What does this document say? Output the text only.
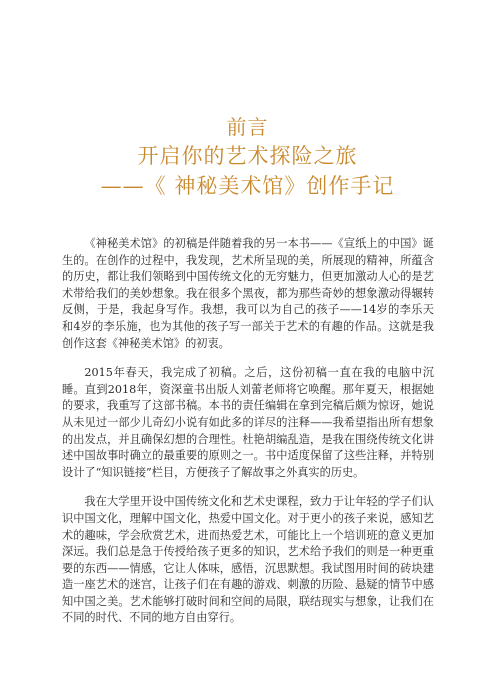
前言
开启你的艺术探险之旅
——《 神秘美术馆》创作手记

《神秘美术馆》的初稿是伴随着我的另一本书——《宣纸上的中国》诞生的。在创作的过程中，我发现，艺术所呈现的美，所展现的精神，所蕴含的历史，都让我们领略到中国传统文化的无穷魅力，但更加激动人心的是艺术带给我们的美妙想象。我在很多个黑夜，都为那些奇妙的想象激动得辗转反侧，于是，我起身写作。我想，我可以为自己的孩子——14岁的李乐天和4岁的李乐施，也为其他的孩子写一部关于艺术的有趣的作品。这就是我创作这套《神秘美术馆》的初衷。

2015年春天，我完成了初稿。之后，这份初稿一直在我的电脑中沉睡。直到2018年，资深童书出版人刘蕾老师将它唤醒。那年夏天，根据她的要求，我重写了这部书稿。本书的责任编辑在拿到完稿后颇为惊讶，她说从未见过一部少儿奇幻小说有如此多的详尽的注释——我希望指出所有想象的出发点，并且确保幻想的合理性。杜艳胡编乱造，是我在围绕传统文化讲述中国故事时确立的最重要的原则之一。书中适度保留了这些注释，并特别设计了“知识链接”栏目，方便孩子了解故事之外真实的历史。

我在大学里开设中国传统文化和艺术史课程，致力于让年轻的学子们认识中国文化，理解中国文化，热爱中国文化。对于更小的孩子来说，感知艺术的趣味，学会欣赏艺术，进而热爱艺术，可能比上一个培训班的意义更加深远。我们总是急于传授给孩子更多的知识，艺术给予我们的则是一种更重要的东西——情感，它让人体味，感悟，沉思默想。我试图用时间的砖块建造一座艺术的迷宫，让孩子们在有趣的游戏、刺激的历险、悬疑的情节中感知中国之美。艺术能够打破时间和空间的局限，联结现实与想象，让我们在不同的时代、不同的地方自由穿行。
